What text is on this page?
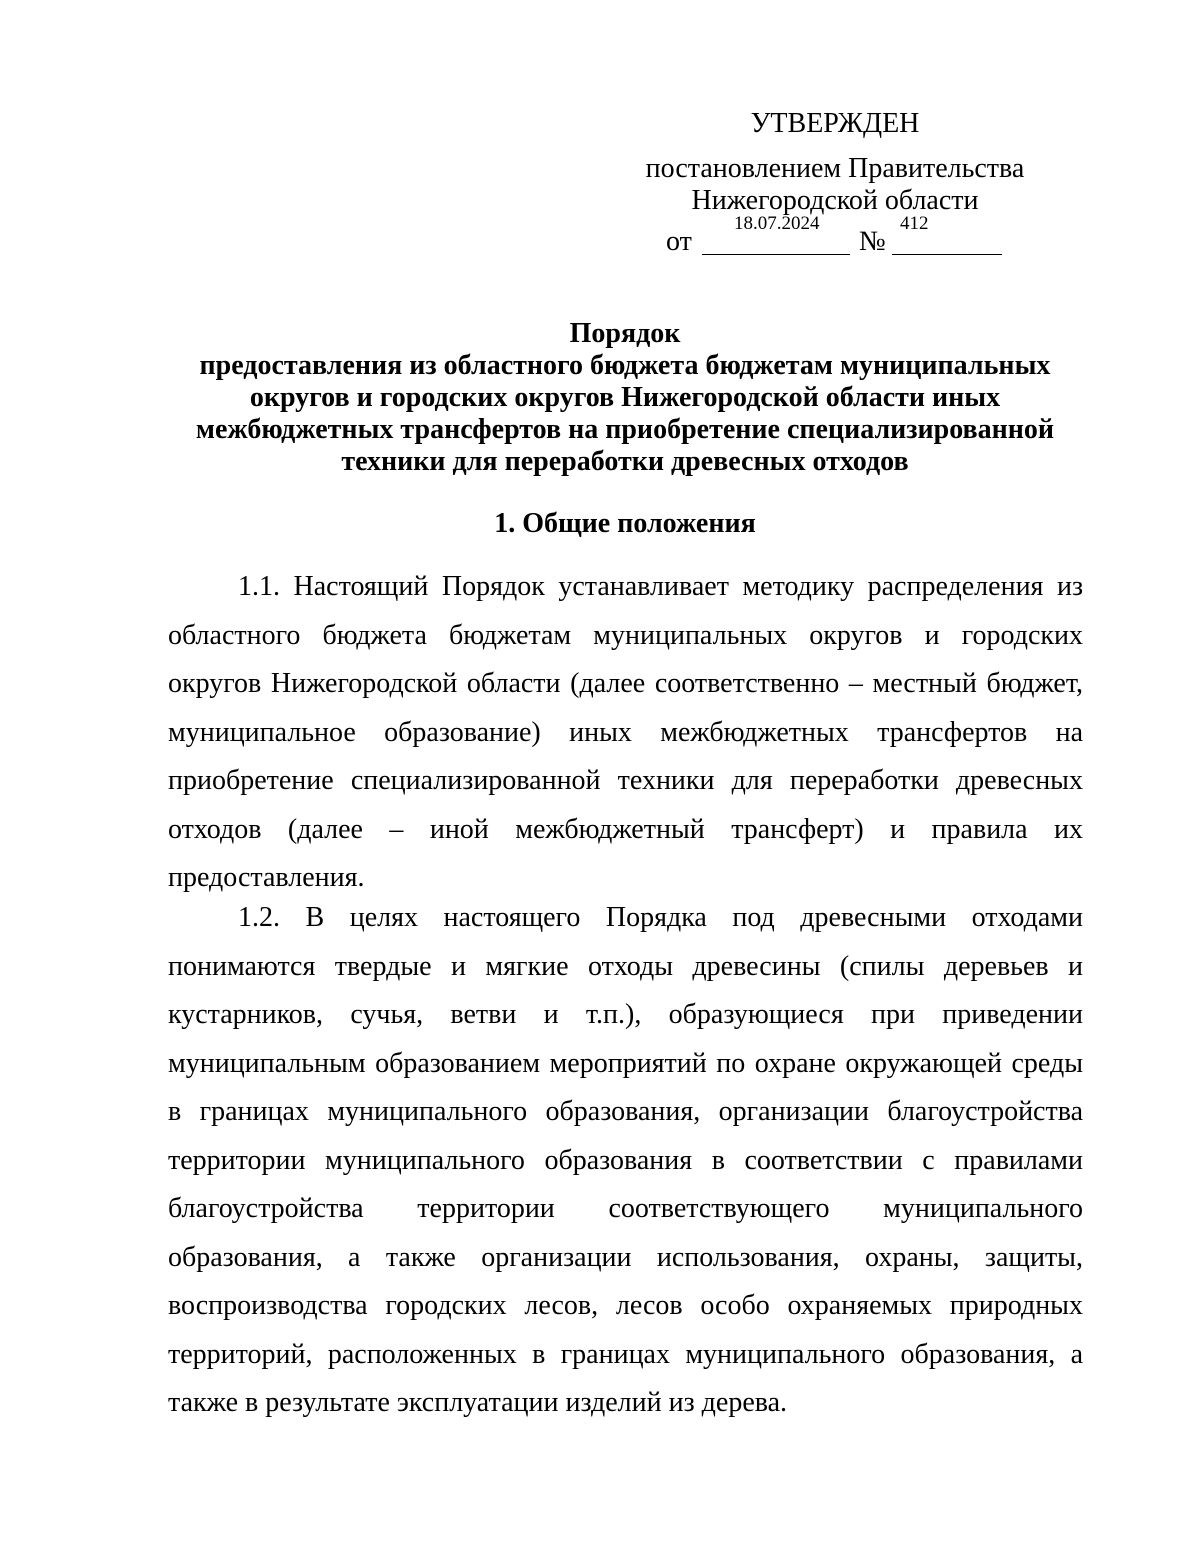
УТВЕРЖДЕН
постановлением Правительства
Нижегородской области
от
18.07.2024
№
412
Порядок
предоставления из областного бюджета бюджетам муниципальных
округов и городских округов Нижегородской области иных
межбюджетных трансфертов на приобретение специализированной
техники для переработки древесных отходов
1. Общие положения

1.1. Настоящий Порядок устанавливает методику распределения из областного бюджета бюджетам муниципальных округов и городских округов Нижегородской области (далее соответственно – местный бюджет, муниципальное образование) иных межбюджетных трансфертов на приобретение специализированной техники для переработки древесных отходов (далее – иной межбюджетный трансферт) и правила их предоставления.

1.2. В целях настоящего Порядка под древесными отходами понимаются твердые и мягкие отходы древесины (спилы деревьев и кустарников, сучья, ветви и т.п.), образующиеся при приведении муниципальным образованием мероприятий по охране окружающей среды в границах муниципального образования, организации благоустройства территории муниципального образования в соответствии с правилами благоустройства территории соответствующего муниципального образования, а также организации использования, охраны, защиты, воспроизводства городских лесов, лесов особо охраняемых природных территорий, расположенных в границах муниципального образования, а также в результате эксплуатации изделий из дерева.
